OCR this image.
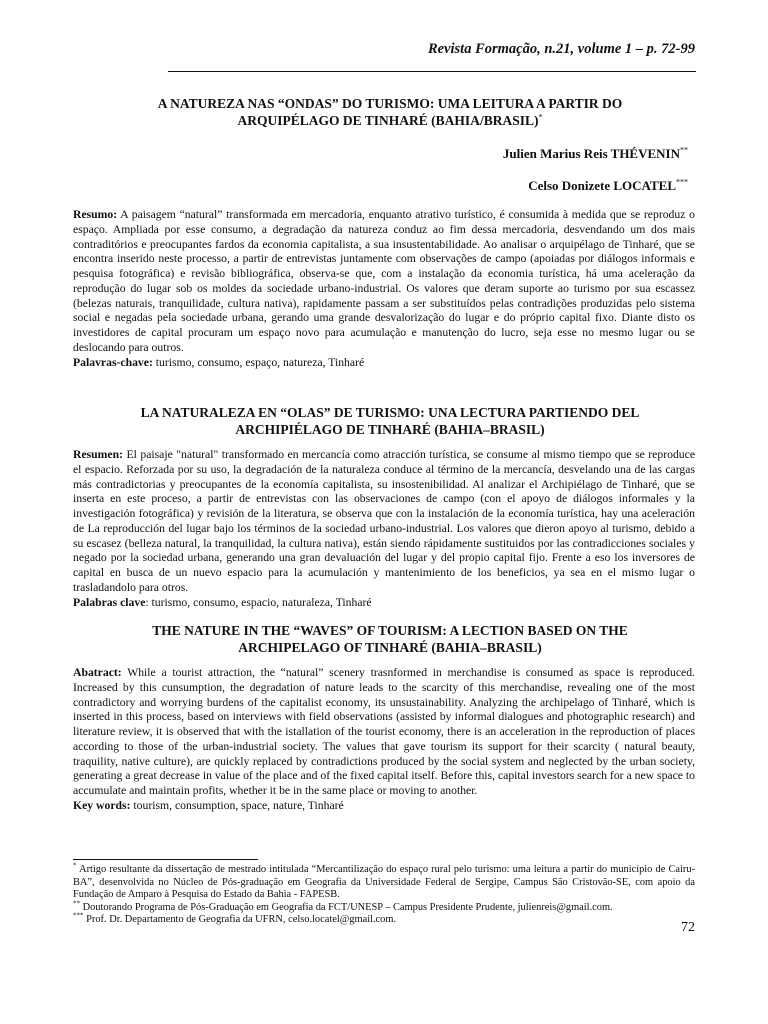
Revista Formação, n.21, volume 1 – p. 72-99
A NATUREZA NAS “ONDAS” DO TURISMO: UMA LEITURA A PARTIR DO
ARQUIPÉLAGO DE TINHARÉ (BAHIA/BRASIL)*
Julien Marius Reis THÉVENIN**
Celso Donizete LOCATEL***
Resumo: A paisagem “natural” transformada em mercadoria, enquanto atrativo turístico, é consumida à medida que se reproduz o espaço. Ampliada por esse consumo, a degradação da natureza conduz ao fim dessa mercadoria, desvendando um dos mais contraditórios e preocupantes fardos da economia capitalista, a sua insustentabilidade. Ao analisar o arquipélago de Tinharé, que se encontra inserido neste processo, a partir de entrevistas juntamente com observações de campo (apoiadas por diálogos informais e pesquisa fotográfica) e revisão bibliográfica, observa-se que, com a instalação da economia turística, há uma aceleração da reprodução do lugar sob os moldes da sociedade urbano-industrial. Os valores que deram suporte ao turismo por sua escassez (belezas naturais, tranquilidade, cultura nativa), rapidamente passam a ser substituídos pelas contradições produzidas pelo sistema social e negadas pela sociedade urbana, gerando uma grande desvalorização do lugar e do próprio capital fixo. Diante disto os investidores de capital procuram um espaço novo para acumulação e manutenção do lucro, seja esse no mesmo lugar ou se deslocando para outros.
Palavras-chave: turismo, consumo, espaço, natureza, Tinharé
LA NATURALEZA EN “OLAS” DE TURISMO: UNA LECTURA PARTIENDO DEL
ARCHIPIÉLAGO DE TINHARÉ (BAHIA–BRASIL)
Resumen: El paisaje "natural" transformado en mercancía como atracción turística, se consume al mismo tiempo que se reproduce el espacio. Reforzada por su uso, la degradación de la naturaleza conduce al término de la mercancía, desvelando una de las cargas más contradictorias y preocupantes de la economía capitalista, su insostenibilidad. Al analizar el Archipiélago de Tinharé, que se inserta en este proceso, a partir de entrevistas con las observaciones de campo (con el apoyo de diálogos informales y la investigación fotográfica) y revisión de la literatura, se observa que con la instalación de la economía turística, hay una aceleración de La reproducción del lugar bajo los términos de la sociedad urbano-industrial. Los valores que dieron apoyo al turismo, debido a su escasez (belleza natural, la tranquilidad, la cultura nativa), están siendo rápidamente sustituidos por las contradicciones sociales y negado por la sociedad urbana, generando una gran devaluación del lugar y del propio capital fijo. Frente a eso los inversores de capital en busca de un nuevo espacio para la acumulación y mantenimiento de los beneficios, ya sea en el mismo lugar o trasladandolo para otros.
Palabras clave: turismo, consumo, espacio, naturaleza, Tinharé
THE NATURE IN THE “WAVES” OF TOURISM: A LECTION BASED ON THE
ARCHIPELAGO OF TINHARÉ (BAHIA–BRASIL)
Abatract: While a tourist attraction, the “natural” scenery trasnformed in merchandise is consumed as space is reproduced. Increased by this cunsumption, the degradation of nature leads to the scarcity of this merchandise, revealing one of the most contradictory and worrying burdens of the capitalist economy, its unsustainability. Analyzing the archipelago of Tinharé, which is inserted in this process, based on interviews with field observations (assisted by informal dialogues and photographic research) and literature review, it is observed that with the istallation of the tourist economy, there is an acceleration in the reproduction of places according to those of the urban-industrial society. The values that gave tourism its support for their scarcity ( natural beauty, traquility, native culture), are quickly replaced by contradictions produced by the social system and neglected by the urban society, generating a great decrease in value of the place and of the fixed capital itself. Before this, capital investors search for a new space to accumulate and maintain profits, whether it be in the same place or moving to another.
Key words: tourism, consumption, space, nature, Tinharé

* Artigo resultante da dissertação de mestrado intitulada “Mercantilização do espaço rural pelo turismo: uma leitura a partir do município de Cairu-BA”, desenvolvida no Núcleo de Pós-graduação em Geografia da Universidade Federal de Sergipe, Campus São Cristovão-SE, com apoio da Fundação de Amparo à Pesquisa do Estado da Bahia - FAPESB.

** Doutorando Programa de Pós-Graduação em Geografia da FCT/UNESP – Campus Presidente Prudente, julienreis@gmail.com.

*** Prof. Dr. Departamento de Geografia da UFRN, celso.locatel@gmail.com.

72
